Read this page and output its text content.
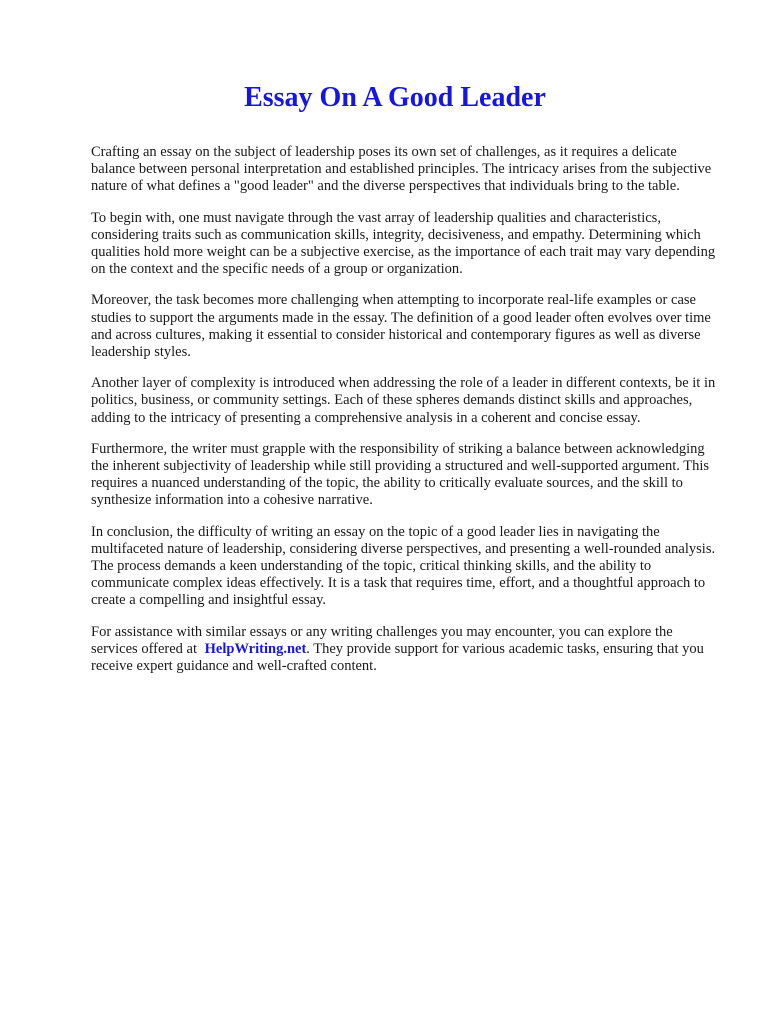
Essay On A Good Leader

Crafting an essay on the subject of leadership poses its own set of challenges, as it requires a delicate balance between personal interpretation and established principles. The intricacy arises from the subjective nature of what defines a "good leader" and the diverse perspectives that individuals bring to the table.

To begin with, one must navigate through the vast array of leadership qualities and characteristics, considering traits such as communication skills, integrity, decisiveness, and empathy. Determining which qualities hold more weight can be a subjective exercise, as the importance of each trait may vary depending on the context and the specific needs of a group or organization.

Moreover, the task becomes more challenging when attempting to incorporate real-life examples or case studies to support the arguments made in the essay. The definition of a good leader often evolves over time and across cultures, making it essential to consider historical and contemporary figures as well as diverse leadership styles.

Another layer of complexity is introduced when addressing the role of a leader in different contexts, be it in politics, business, or community settings. Each of these spheres demands distinct skills and approaches, adding to the intricacy of presenting a comprehensive analysis in a coherent and concise essay.

Furthermore, the writer must grapple with the responsibility of striking a balance between acknowledging the inherent subjectivity of leadership while still providing a structured and well-supported argument. This requires a nuanced understanding of the topic, the ability to critically evaluate sources, and the skill to synthesize information into a cohesive narrative.

In conclusion, the difficulty of writing an essay on the topic of a good leader lies in navigating the multifaceted nature of leadership, considering diverse perspectives, and presenting a well-rounded analysis. The process demands a keen understanding of the topic, critical thinking skills, and the ability to communicate complex ideas effectively. It is a task that requires time, effort, and a thoughtful approach to create a compelling and insightful essay.

For assistance with similar essays or any writing challenges you may encounter, you can explore the services offered at HelpWriting.net. They provide support for various academic tasks, ensuring that you receive expert guidance and well-crafted content.
